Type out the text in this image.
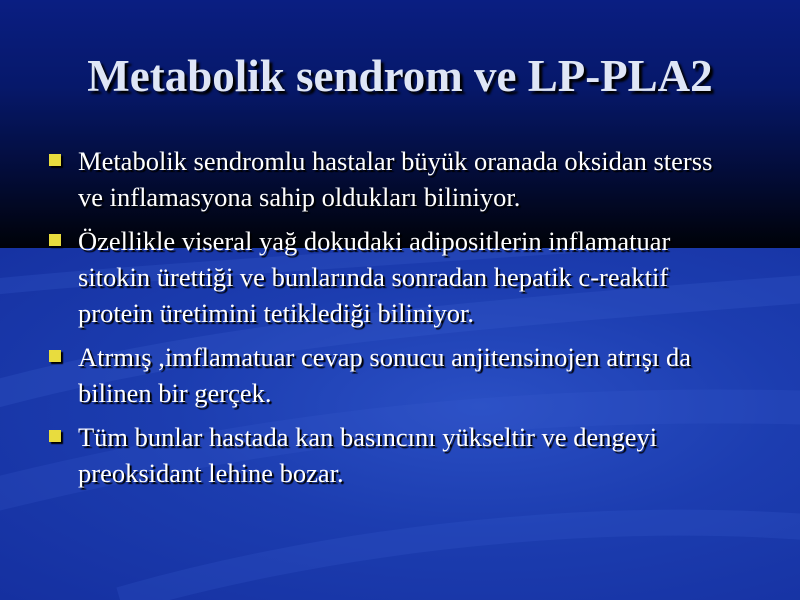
Metabolik sendrom ve LP-PLA2
Metabolik sendromlu hastalar büyük oranada oksidan sterss ve inflamasyona sahip oldukları biliniyor.
Özellikle viseral yağ dokudaki adipositlerin inflamatuar sitokin ürettiği ve bunlarında sonradan hepatik c-reaktif protein üretimini tetiklediği biliniyor.
Atrmış ,imflamatuar cevap sonucu anjitensinojen atrışı da bilinen bir gerçek.
Tüm bunlar hastada kan basıncını yükseltir ve dengeyi preoksidant lehine bozar.
